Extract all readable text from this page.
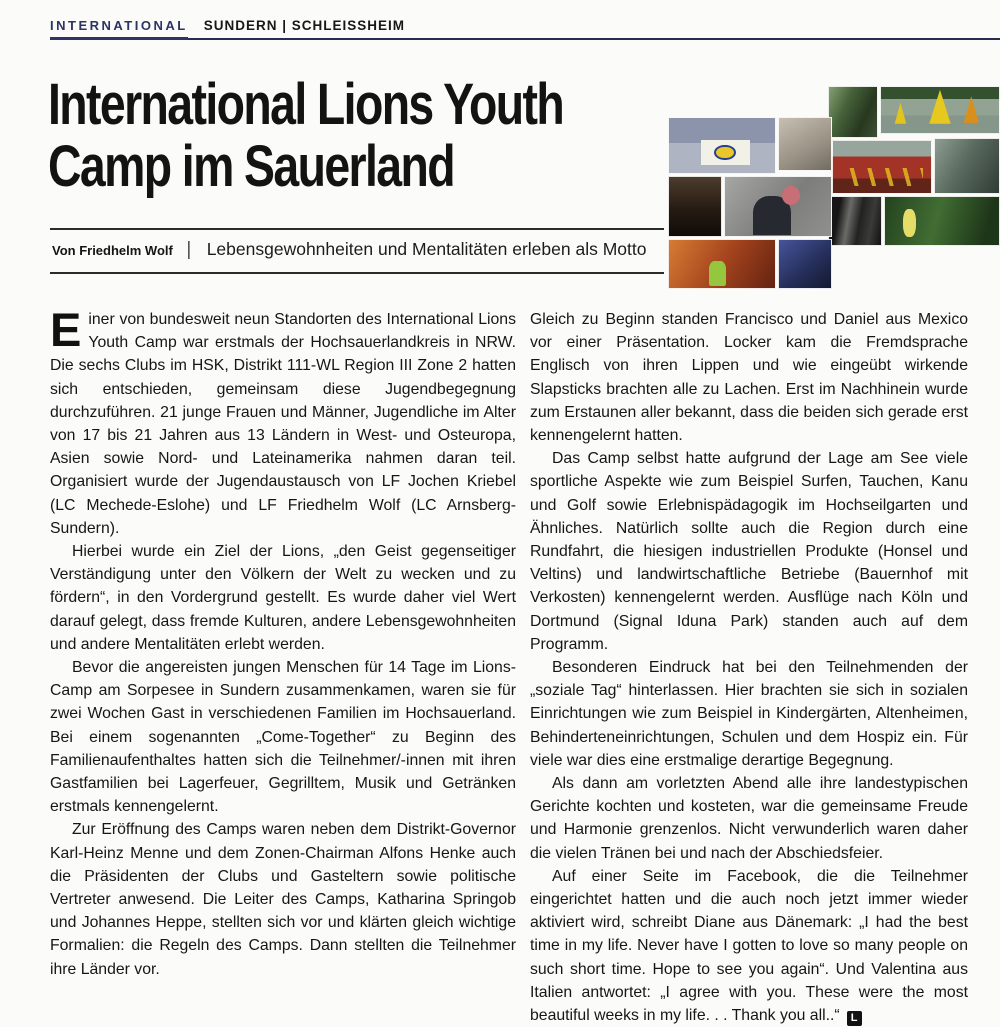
INTERNATIONAL SUNDERN | SCHLEISSHEIM
International Lions Youth
Camp im Sauerland
Von Friedhelm Wolf | Lebensgewohnheiten und Mentalitäten erleben als Motto

Einer von bundesweit neun Standorten des International Lions Youth Camp war erstmals der Hochsauerlandkreis in NRW. Die sechs Clubs im HSK, Distrikt 111-WL Region III Zone 2 hatten sich entschieden, gemeinsam diese Jugendbegegnung durchzuführen. 21 junge Frauen und Männer, Jugendliche im Alter von 17 bis 21 Jahren aus 13 Ländern in West- und Osteuropa, Asien sowie Nord- und Lateinamerika nahmen daran teil. Organisiert wurde der Jugendaustausch von LF Jochen Kriebel (LC Mechede-Eslohe) und LF Friedhelm Wolf (LC Arnsberg-Sundern).

Hierbei wurde ein Ziel der Lions, „den Geist gegenseitiger Verständigung unter den Völkern der Welt zu wecken und zu fördern“, in den Vordergrund gestellt. Es wurde daher viel Wert darauf gelegt, dass fremde Kulturen, andere Lebensgewohnheiten und andere Mentalitäten erlebt werden.

Bevor die angereisten jungen Menschen für 14 Tage im Lions-Camp am Sorpesee in Sundern zusammenkamen, waren sie für zwei Wochen Gast in verschiedenen Familien im Hochsauerland. Bei einem sogenannten „Come-Together“ zu Beginn des Familienaufenthaltes hatten sich die Teilnehmer/-innen mit ihren Gastfamilien bei Lagerfeuer, Gegrilltem, Musik und Getränken erstmals kennengelernt.

Zur Eröffnung des Camps waren neben dem Distrikt-Governor Karl-Heinz Menne und dem Zonen-Chairman Alfons Henke auch die Präsidenten der Clubs und Gasteltern sowie politische Vertreter anwesend. Die Leiter des Camps, Katharina Springob und Johannes Heppe, stellten sich vor und klärten gleich wichtige Formalien: die Regeln des Camps. Dann stellten die Teilnehmer ihre Länder vor.

Gleich zu Beginn standen Francisco und Daniel aus Mexico vor einer Präsentation. Locker kam die Fremdsprache Englisch von ihren Lippen und wie eingeübt wirkende Slapsticks brachten alle zu Lachen. Erst im Nachhinein wurde zum Erstaunen aller bekannt, dass die beiden sich gerade erst kennengelernt hatten.

Das Camp selbst hatte aufgrund der Lage am See viele sportliche Aspekte wie zum Beispiel Surfen, Tauchen, Kanu und Golf sowie Erlebnispädagogik im Hochseilgarten und Ähnliches. Natürlich sollte auch die Region durch eine Rundfahrt, die hiesigen industriellen Produkte (Honsel und Veltins) und landwirtschaftliche Betriebe (Bauernhof mit Verkosten) kennengelernt werden. Ausflüge nach Köln und Dortmund (Signal Iduna Park) standen auch auf dem Programm.

Besonderen Eindruck hat bei den Teilnehmenden der „soziale Tag“ hinterlassen. Hier brachten sie sich in sozialen Einrichtungen wie zum Beispiel in Kindergärten, Altenheimen, Behinderteneinrichtungen, Schulen und dem Hospiz ein. Für viele war dies eine erstmalige derartige Begegnung.

Als dann am vorletzten Abend alle ihre landestypischen Gerichte kochten und kosteten, war die gemeinsame Freude und Harmonie grenzenlos. Nicht verwunderlich waren daher die vielen Tränen bei und nach der Abschiedsfeier.

Auf einer Seite im Facebook, die die Teilnehmer eingerichtet hatten und die auch noch jetzt immer wieder aktiviert wird, schreibt Diane aus Dänemark: „I had the best time in my life. Never have I gotten to love so many people on such short time. Hope to see you again“. Und Valentina aus Italien antwortet: „I agree with you. These were the most beautiful weeks in my life. . . Thank you all..“ L
